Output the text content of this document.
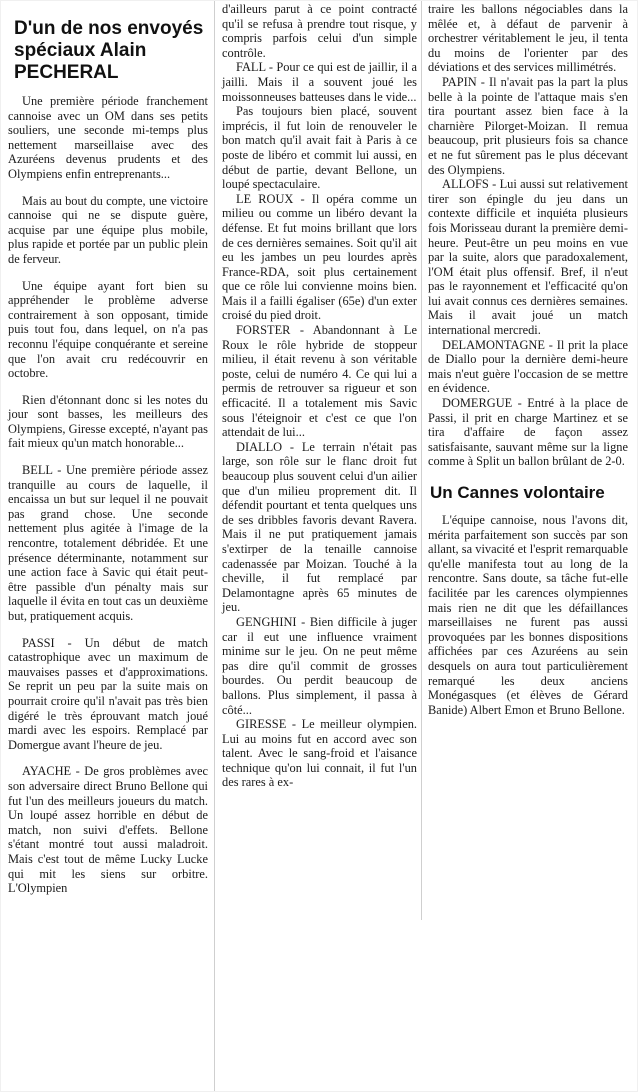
D'un de nos envoyés spéciaux Alain PECHERAL

Une première période franchement cannoise avec un OM dans ses petits souliers, une seconde mi-temps plus nettement marseillaise avec des Azuréens devenus prudents et des Olympiens enfin entreprenants...

Mais au bout du compte, une victoire cannoise qui ne se dispute guère, acquise par une équipe plus mobile, plus rapide et portée par un public plein de ferveur.

Une équipe ayant fort bien su appréhender le problème adverse contrairement à son opposant, timide puis tout fou, dans lequel, on n'a pas reconnu l'équipe conquérante et sereine que l'on avait cru redécouvrir en octobre.

Rien d'étonnant donc si les notes du jour sont basses, les meilleurs des Olympiens, Giresse excepté, n'ayant pas fait mieux qu'un match honorable...

BELL - Une première période assez tranquille au cours de laquelle, il encaissa un but sur lequel il ne pouvait pas grand chose. Une seconde nettement plus agitée à l'image de la rencontre, totalement débridée. Et une présence déterminante, notamment sur une action face à Savic qui était peut-être passible d'un pénalty mais sur laquelle il évita en tout cas un deuxième but, pratiquement acquis.

PASSI - Un début de match catastrophique avec un maximum de mauvaises passes et d'approximations. Se reprit un peu par la suite mais on pourrait croire qu'il n'avait pas très bien digéré le très éprouvant match joué mardi avec les espoirs. Remplacé par Domergue avant l'heure de jeu.

AYACHE - De gros problèmes avec son adversaire direct Bruno Bellone qui fut l'un des meilleurs joueurs du match. Un loupé assez horrible en début de match, non suivi d'effets. Bellone s'étant montré tout aussi maladroit. Mais c'est tout de même Lucky Lucke qui mit les siens sur orbitre. L'Olympien

d'ailleurs parut à ce point contracté qu'il se refusa à prendre tout risque, y compris parfois celui d'un simple contrôle.

FALL - Pour ce qui est de jaillir, il a jailli. Mais il a souvent joué les moissonneuses batteuses dans le vide...

Pas toujours bien placé, souvent imprécis, il fut loin de renouveler le bon match qu'il avait fait à Paris à ce poste de libéro et commit lui aussi, en début de partie, devant Bellone, un loupé spectaculaire.

LE ROUX - Il opéra comme un milieu ou comme un libéro devant la défense. Et fut moins brillant que lors de ces dernières semaines. Soit qu'il ait eu les jambes un peu lourdes après France-RDA, soit plus certainement que ce rôle lui convienne moins bien. Mais il a failli égaliser (65e) d'un exter croisé du pied droit.

FORSTER - Abandonnant à Le Roux le rôle hybride de stoppeur milieu, il était revenu à son véritable poste, celui de numéro 4. Ce qui lui a permis de retrouver sa rigueur et son efficacité. Il a totalement mis Savic sous l'éteignoir et c'est ce que l'on attendait de lui...

DIALLO - Le terrain n'était pas large, son rôle sur le flanc droit fut beaucoup plus souvent celui d'un ailier que d'un milieu proprement dit. Il défendit pourtant et tenta quelques uns de ses dribbles favoris devant Ravera. Mais il ne put pratiquement jamais s'extirper de la tenaille cannoise cadenassée par Moizan. Touché à la cheville, il fut remplacé par Delamontagne après 65 minutes de jeu.

GENGHINI - Bien difficile à juger car il eut une influence vraiment minime sur le jeu. On ne peut même pas dire qu'il commit de grosses bourdes. Ou perdit beaucoup de ballons. Plus simplement, il passa à côté...

GIRESSE - Le meilleur olympien. Lui au moins fut en accord avec son talent. Avec le sang-froid et l'aisance technique qu'on lui connait, il fut l'un des rares à ex-

traire les ballons négociables dans la mêlée et, à défaut de parvenir à orchestrer véritablement le jeu, il tenta du moins de l'orienter par des déviations et des services millimétrés.

PAPIN - Il n'avait pas la part la plus belle à la pointe de l'attaque mais s'en tira pourtant assez bien face à la charnière Pilorget-Moizan. Il remua beaucoup, prit plusieurs fois sa chance et ne fut sûrement pas le plus décevant des Olympiens.

ALLOFS - Lui aussi sut relativement tirer son épingle du jeu dans un contexte difficile et inquiéta plusieurs fois Morisseau durant la première demi-heure. Peut-être un peu moins en vue par la suite, alors que paradoxalement, l'OM était plus offensif. Bref, il n'eut pas le rayonnement et l'efficacité qu'on lui avait connus ces dernières semaines. Mais il avait joué un match international mercredi.

DELAMONTAGNE - Il prit la place de Diallo pour la dernière demi-heure mais n'eut guère l'occasion de se mettre en évidence.

DOMERGUE - Entré à la place de Passi, il prit en charge Martinez et se tira d'affaire de façon assez satisfaisante, sauvant même sur la ligne comme à Split un ballon brûlant de 2-0.

Un Cannes volontaire

L'équipe cannoise, nous l'avons dit, mérita parfaitement son succès par son allant, sa vivacité et l'esprit remarquable qu'elle manifesta tout au long de la rencontre. Sans doute, sa tâche fut-elle facilitée par les carences olympiennes mais rien ne dit que les défaillances marseillaises ne furent pas aussi provoquées par les bonnes dispositions affichées par ces Azuréens au sein desquels on aura tout particulièrement remarqué les deux anciens Monégasques (et élèves de Gérard Banide) Albert Emon et Bruno Bellone.
